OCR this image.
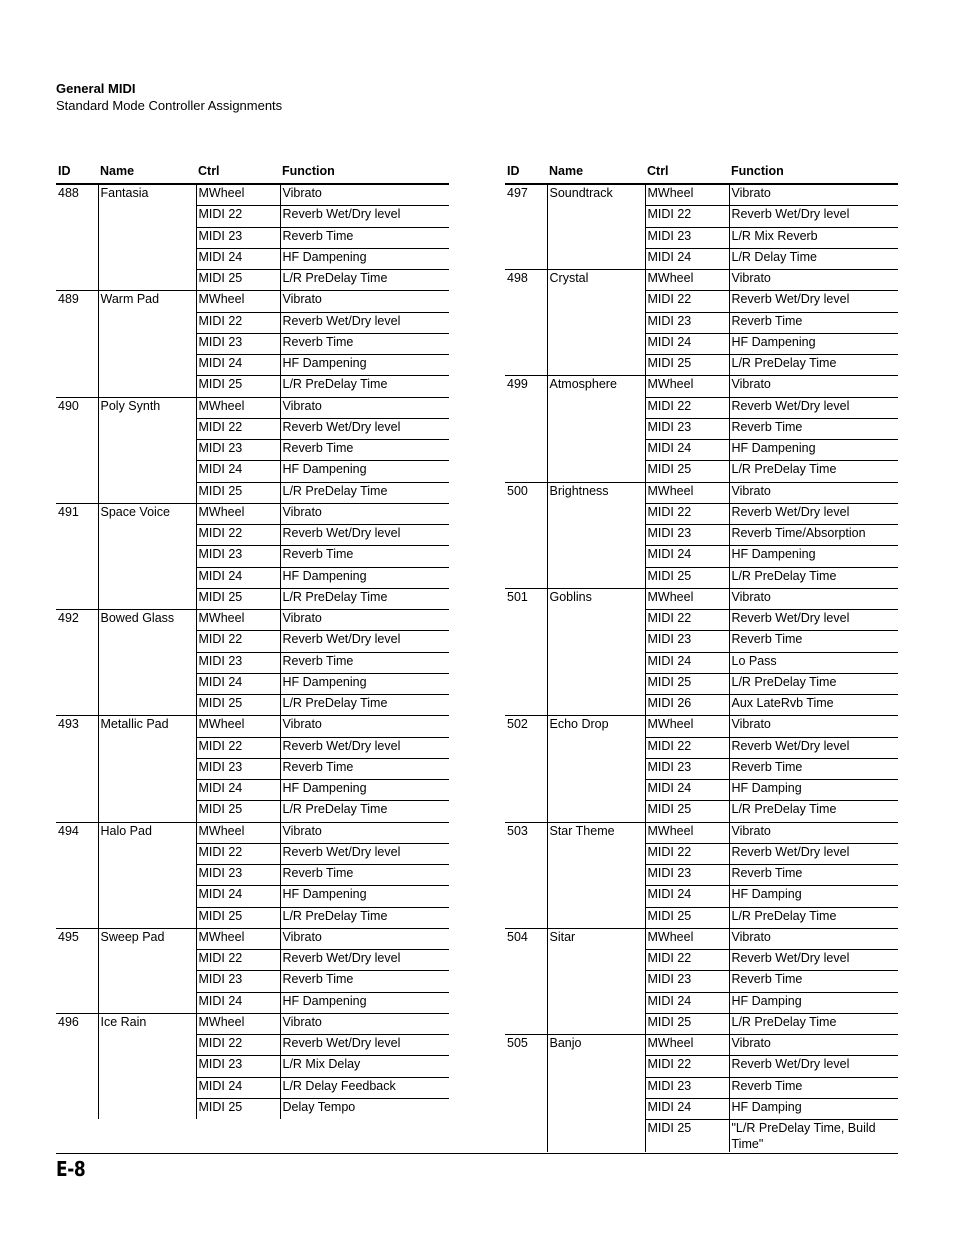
General MIDI
Standard Mode Controller Assignments
ID	Name	Ctrl	Function
488	Fantasia	MWheel	Vibrato
		MIDI 22	Reverb Wet/Dry level
		MIDI 23	Reverb Time
		MIDI 24	HF Dampening
		MIDI 25	L/R PreDelay Time
489	Warm Pad	MWheel	Vibrato
		MIDI 22	Reverb Wet/Dry level
		MIDI 23	Reverb Time
		MIDI 24	HF Dampening
		MIDI 25	L/R PreDelay Time
490	Poly Synth	MWheel	Vibrato
		MIDI 22	Reverb Wet/Dry level
		MIDI 23	Reverb Time
		MIDI 24	HF Dampening
		MIDI 25	L/R PreDelay Time
491	Space Voice	MWheel	Vibrato
		MIDI 22	Reverb Wet/Dry level
		MIDI 23	Reverb Time
		MIDI 24	HF Dampening
		MIDI 25	L/R PreDelay Time
492	Bowed Glass	MWheel	Vibrato
		MIDI 22	Reverb Wet/Dry level
		MIDI 23	Reverb Time
		MIDI 24	HF Dampening
		MIDI 25	L/R PreDelay Time
493	Metallic Pad	MWheel	Vibrato
		MIDI 22	Reverb Wet/Dry level
		MIDI 23	Reverb Time
		MIDI 24	HF Dampening
		MIDI 25	L/R PreDelay Time
494	Halo Pad	MWheel	Vibrato
		MIDI 22	Reverb Wet/Dry level
		MIDI 23	Reverb Time
		MIDI 24	HF Dampening
		MIDI 25	L/R PreDelay Time
495	Sweep Pad	MWheel	Vibrato
		MIDI 22	Reverb Wet/Dry level
		MIDI 23	Reverb Time
		MIDI 24	HF Dampening
496	Ice Rain	MWheel	Vibrato
		MIDI 22	Reverb Wet/Dry level
		MIDI 23	L/R Mix Delay
		MIDI 24	L/R Delay Feedback
		MIDI 25	Delay Tempo
ID	Name	Ctrl	Function
497	Soundtrack	MWheel	Vibrato
		MIDI 22	Reverb Wet/Dry level
		MIDI 23	L/R Mix Reverb
		MIDI 24	L/R Delay Time
498	Crystal	MWheel	Vibrato
		MIDI 22	Reverb Wet/Dry level
		MIDI 23	Reverb Time
		MIDI 24	HF Dampening
		MIDI 25	L/R PreDelay Time
499	Atmosphere	MWheel	Vibrato
		MIDI 22	Reverb Wet/Dry level
		MIDI 23	Reverb Time
		MIDI 24	HF Dampening
		MIDI 25	L/R PreDelay Time
500	Brightness	MWheel	Vibrato
		MIDI 22	Reverb Wet/Dry level
		MIDI 23	Reverb Time/Absorption
		MIDI 24	HF Dampening
		MIDI 25	L/R PreDelay Time
501	Goblins	MWheel	Vibrato
		MIDI 22	Reverb Wet/Dry level
		MIDI 23	Reverb Time
		MIDI 24	Lo Pass
		MIDI 25	L/R PreDelay Time
		MIDI 26	Aux LateRvb Time
502	Echo Drop	MWheel	Vibrato
		MIDI 22	Reverb Wet/Dry level
		MIDI 23	Reverb Time
		MIDI 24	HF Damping
		MIDI 25	L/R PreDelay Time
503	Star Theme	MWheel	Vibrato
		MIDI 22	Reverb Wet/Dry level
		MIDI 23	Reverb Time
		MIDI 24	HF Damping
		MIDI 25	L/R PreDelay Time
504	Sitar	MWheel	Vibrato
		MIDI 22	Reverb Wet/Dry level
		MIDI 23	Reverb Time
		MIDI 24	HF Damping
		MIDI 25	L/R PreDelay Time
505	Banjo	MWheel	Vibrato
		MIDI 22	Reverb Wet/Dry level
		MIDI 23	Reverb Time
		MIDI 24	HF Damping
		MIDI 25	"L/R PreDelay Time, Build Time"
E-8
